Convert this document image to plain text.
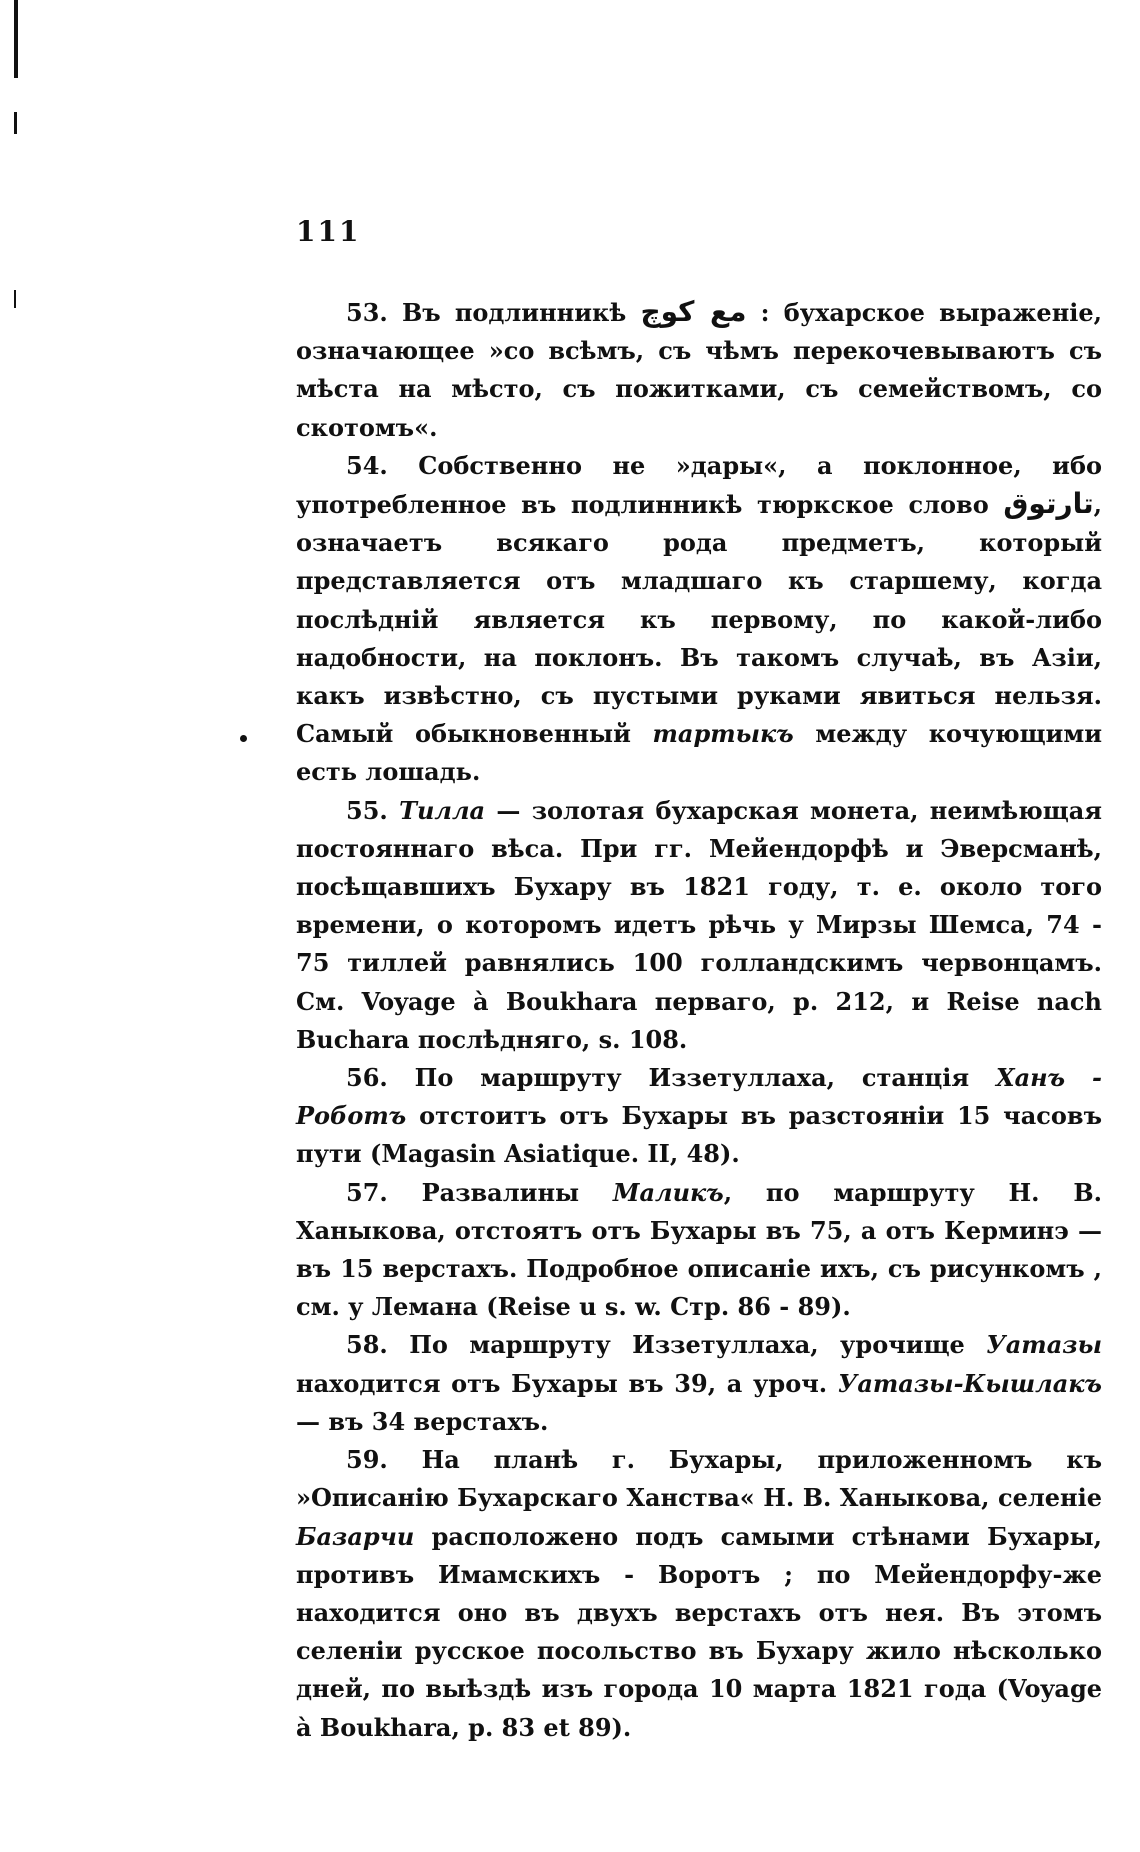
111

53. Въ подлинникѣ مع كوچ : бухарское выраженіе, означающее »со всѣмъ, съ чѣмъ перекочевываютъ съ мѣста на мѣсто, съ пожитками, съ семействомъ, со скотомъ«.

54. Собственно не »дары«, а поклонное, ибо употребленное въ подлинникѣ тюркское слово تارتوق, означаетъ всякаго рода предметъ, который представляется отъ младшаго къ старшему, когда послѣдній является къ первому, по какой-либо надобности, на поклонъ. Въ такомъ случаѣ, въ Азіи, какъ извѣстно, съ пустыми руками явиться нельзя. Самый обыкновенный тартыкъ между кочующими есть лошадь.

55. Тилла — золотая бухарская монета, неимѣющая постояннаго вѣса. При гг. Мейендорфѣ и Эверсманѣ, посѣщавшихъ Бухару въ 1821 году, т. е. около того времени, о которомъ идетъ рѣчь у Мирзы Шемса, 74 - 75 тиллей равнялись 100 голландскимъ червонцамъ. См. Voyage à Boukhara перваго, p. 212, и Reise nach Buchara послѣдняго, s. 108.

56. По маршруту Иззетуллаха, станція Ханъ - Роботъ отстоитъ отъ Бухары въ разстояніи 15 часовъ пути (Magasin Asiatique. II, 48).

57. Развалины Маликъ, по маршруту Н. В. Ханыкова, отстоятъ отъ Бухары въ 75, а отъ Керминэ — въ 15 верстахъ. Подробное описаніе ихъ, съ рисункомъ , см. у Лемана (Reise u s. w. Стр. 86 - 89).

58. По маршруту Иззетуллаха, урочище Уатазы находится отъ Бухары въ 39, а уроч. Уатазы-Кышлакъ — въ 34 верстахъ.

59. На планѣ г. Бухары, приложенномъ къ »Описанію Бухарскаго Ханства« Н. В. Ханыкова, селеніе Базарчи расположено подъ самыми стѣнами Бухары, противъ Имамскихъ - Воротъ ; по Мейендорфу-же находится оно въ двухъ верстахъ отъ нея. Въ этомъ селеніи русское посольство въ Бухару жило нѣсколько дней, по выѣздѣ изъ города 10 марта 1821 года (Voyage à Boukhara, p. 83 et 89).
